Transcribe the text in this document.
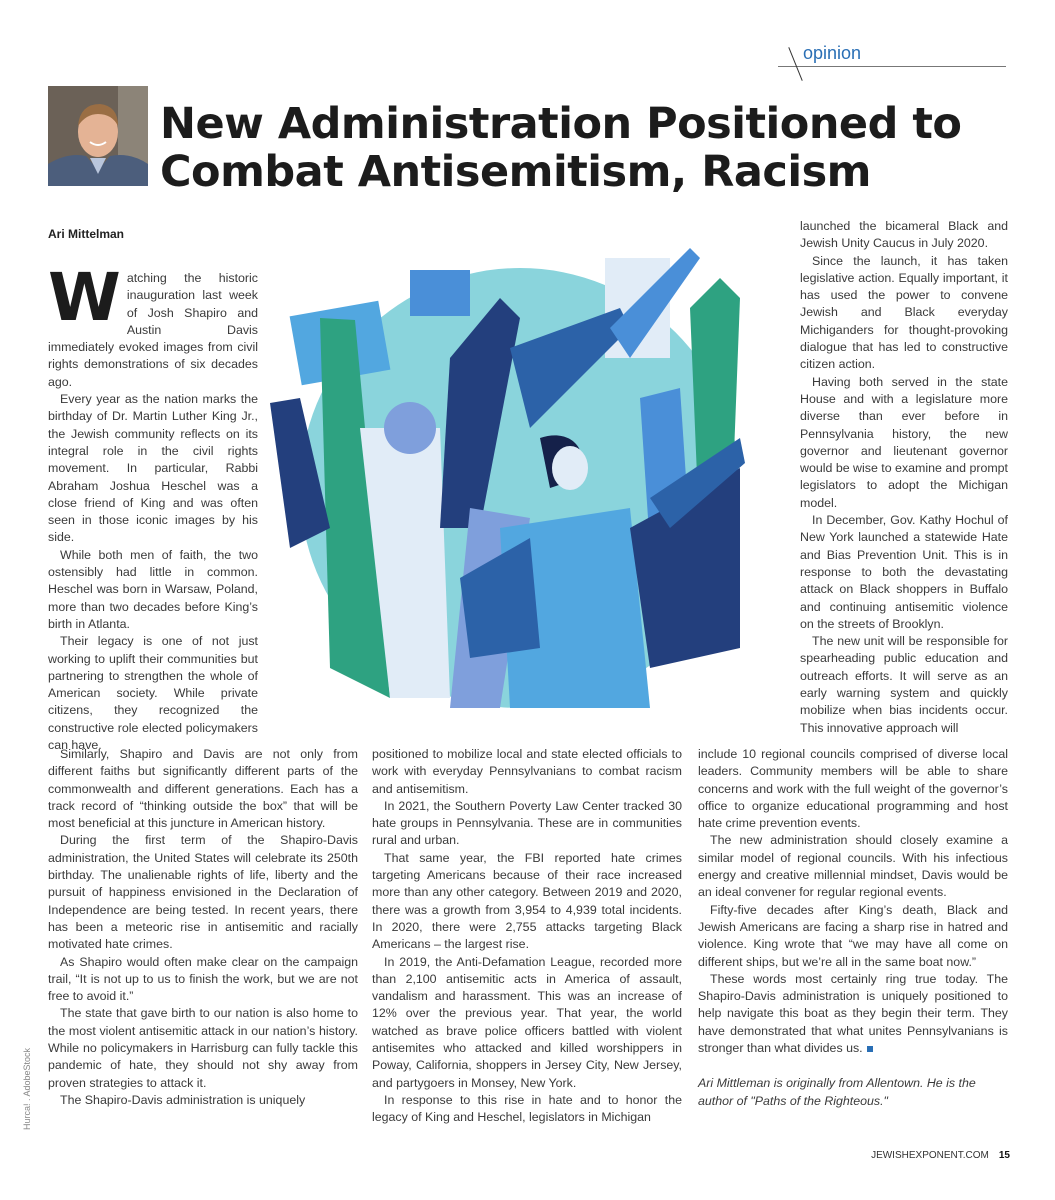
opinion
New Administration Positioned to Combat Antisemitism, Racism
Ari Mittelman

Watching the historic inauguration last week of Josh Shapiro and Austin Davis immediately evoked images from civil rights demonstrations of six decades ago.

Every year as the nation marks the birthday of Dr. Martin Luther King Jr., the Jewish community reflects on its integral role in the civil rights movement. In particular, Rabbi Abraham Joshua Heschel was a close friend of King and was often seen in those iconic images by his side.

While both men of faith, the two ostensibly had little in common. Heschel was born in Warsaw, Poland, more than two decades before King’s birth in Atlanta.

Their legacy is one of not just working to uplift their communities but partnering to strengthen the whole of American society. While private citizens, they recognized the constructive role elected policymakers can have.

launched the bicameral Black and Jewish Unity Caucus in July 2020.

Since the launch, it has taken legislative action. Equally important, it has used the power to convene Jewish and Black everyday Michiganders for thought-provoking dialogue that has led to constructive citizen action.

Having both served in the state House and with a legislature more diverse than ever before in Pennsylvania history, the new governor and lieutenant governor would be wise to examine and prompt legislators to adopt the Michigan model.

In December, Gov. Kathy Hochul of New York launched a statewide Hate and Bias Prevention Unit. This is in response to both the devastating attack on Black shoppers in Buffalo and continuing antisemitic violence on the streets of Brooklyn.

The new unit will be responsible for spearheading public education and outreach efforts. It will serve as an early warning system and quickly mobilize when bias incidents occur. This innovative approach will

Similarly, Shapiro and Davis are not only from different faiths but significantly different parts of the commonwealth and different generations. Each has a track record of “thinking outside the box” that will be most beneficial at this juncture in American history.

During the first term of the Shapiro-Davis administration, the United States will celebrate its 250th birthday. The unalienable rights of life, liberty and the pursuit of happiness envisioned in the Declaration of Independence are being tested. In recent years, there has been a meteoric rise in antisemitic and racially motivated hate crimes.

As Shapiro would often make clear on the campaign trail, “It is not up to us to finish the work, but we are not free to avoid it.”

The state that gave birth to our nation is also home to the most violent antisemitic attack in our nation’s history. While no policymakers in Harrisburg can fully tackle this pandemic of hate, they should not shy away from proven strategies to attack it.

The Shapiro-Davis administration is uniquely

positioned to mobilize local and state elected officials to work with everyday Pennsylvanians to combat racism and antisemitism.

In 2021, the Southern Poverty Law Center tracked 30 hate groups in Pennsylvania. These are in communities rural and urban.

That same year, the FBI reported hate crimes targeting Americans because of their race increased more than any other category. Between 2019 and 2020, there was a growth from 3,954 to 4,939 total incidents. In 2020, there were 2,755 attacks targeting Black Americans – the largest rise.

In 2019, the Anti-Defamation League, recorded more than 2,100 antisemitic acts in America of assault, vandalism and harassment. This was an increase of 12% over the previous year. That year, the world watched as brave police officers battled with violent antisemites who attacked and killed worshippers in Poway, California, shoppers in Jersey City, New Jersey, and partygoers in Monsey, New York.

In response to this rise in hate and to honor the legacy of King and Heschel, legislators in Michigan

include 10 regional councils comprised of diverse local leaders. Community members will be able to share concerns and work with the full weight of the governor’s office to organize educational programming and host hate crime prevention events.

The new administration should closely examine a similar model of regional councils. With his infectious energy and creative millennial mindset, Davis would be an ideal convener for regular regional events.

Fifty-five decades after King’s death, Black and Jewish Americans are facing a sharp rise in hatred and violence. King wrote that “we may have all come on different ships, but we’re all in the same boat now.”

These words most certainly ring true today. The Shapiro-Davis administration is uniquely positioned to help navigate this boat as they begin their term. They have demonstrated that what unites Pennsylvanians is stronger than what divides us.

Ari Mittleman is originally from Allentown. He is the author of "Paths of the Righteous."

Hurca! . AdobeStock
JEWISHEXPONENT.COM 15
